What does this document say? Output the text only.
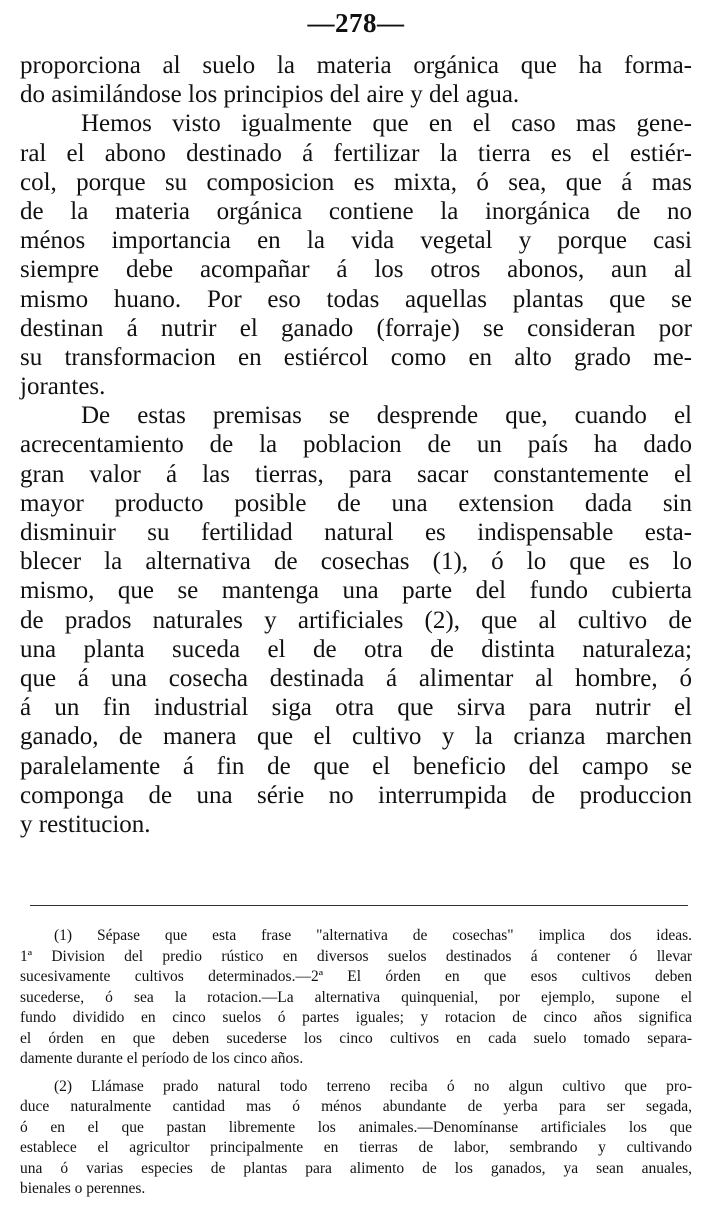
—278—
proporciona al suelo la materia orgánica que ha forma-
do asimilándose los principios del aire y del agua.
Hemos visto igualmente que en el caso mas gene-
ral el abono destinado á fertilizar la tierra es el estiér-
col, porque su composicion es mixta, ó sea, que á mas
de la materia orgánica contiene la inorgánica de no
ménos importancia en la vida vegetal y porque casi
siempre debe acompañar á los otros abonos, aun al
mismo huano. Por eso todas aquellas plantas que se
destinan á nutrir el ganado (forraje) se consideran por
su transformacion en estiércol como en alto grado me-
jorantes.
De estas premisas se desprende que, cuando el
acrecentamiento de la poblacion de un país ha dado
gran valor á las tierras, para sacar constantemente el
mayor producto posible de una extension dada sin
disminuir su fertilidad natural es indispensable esta-
blecer la alternativa de cosechas (1), ó lo que es lo
mismo, que se mantenga una parte del fundo cubierta
de prados naturales y artificiales (2), que al cultivo de
una planta suceda el de otra de distinta naturaleza;
que á una cosecha destinada á alimentar al hombre, ó
á un fin industrial siga otra que sirva para nutrir el
ganado, de manera que el cultivo y la crianza marchen
paralelamente á fin de que el beneficio del campo se
componga de una série no interrumpida de produccion
y restitucion.
(1) Sépase que esta frase "alternativa de cosechas" implica dos ideas.
1ª Division del predio rústico en diversos suelos destinados á contener ó llevar
sucesivamente cultivos determinados.—2ª El órden en que esos cultivos deben
sucederse, ó sea la rotacion.—La alternativa quinquenial, por ejemplo, supone el
fundo dividido en cinco suelos ó partes iguales; y rotacion de cinco años significa
el órden en que deben sucederse los cinco cultivos en cada suelo tomado separa-
damente durante el período de los cinco años.
(2) Llámase prado natural todo terreno reciba ó no algun cultivo que pro-
duce naturalmente cantidad mas ó ménos abundante de yerba para ser segada,
ó en el que pastan libremente los animales.—Denomínanse artificiales los que
establece el agricultor principalmente en tierras de labor, sembrando y cultivando
una ó varias especies de plantas para alimento de los ganados, ya sean anuales,
bienales o perennes.
